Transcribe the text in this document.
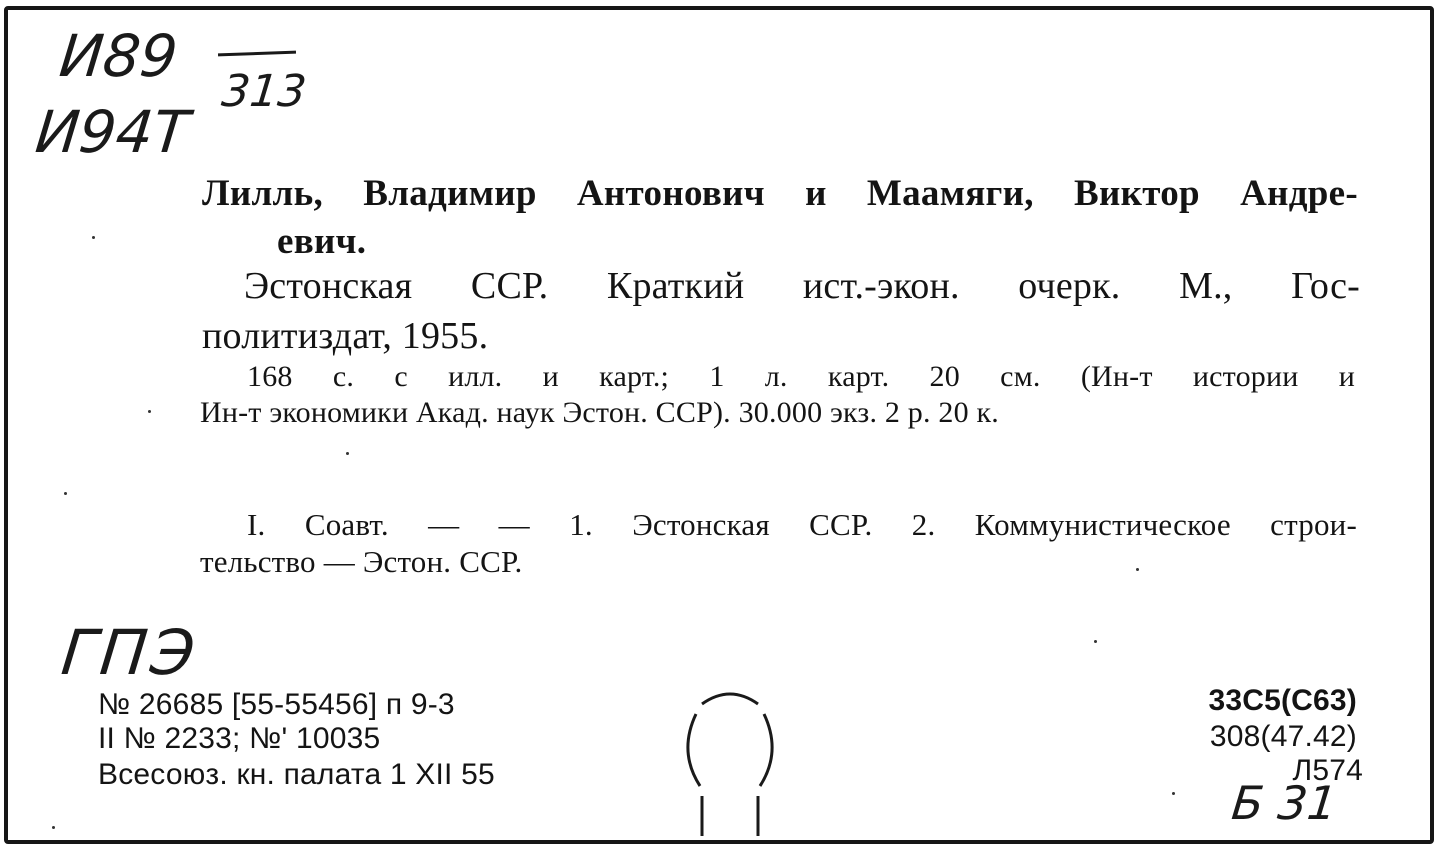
И89
313
И94Т
Лилль, Владимир Антонович и Маамяги, Виктор Андре-
евич.
Эстонская ССР. Краткий ист.-экон. очерк. М., Гос-
политиздат, 1955.
168 с. с илл. и карт.; 1 л. карт. 20 см. (Ин-т истории и
Ин-т экономики Акад. наук Эстон. ССР). 30.000 экз. 2 р. 20 к.
I. Соавт. — — 1. Эстонская ССР. 2. Коммунистическое строи-
тельство — Эстон. ССР.
ГПЭ
№ 26685 [55-55456] п 9-3
II № 2233; №' 10035
Всесоюз. кн. палата 1 XII 55
33С5(С63)
308(47.42)
Л574
Б 31
